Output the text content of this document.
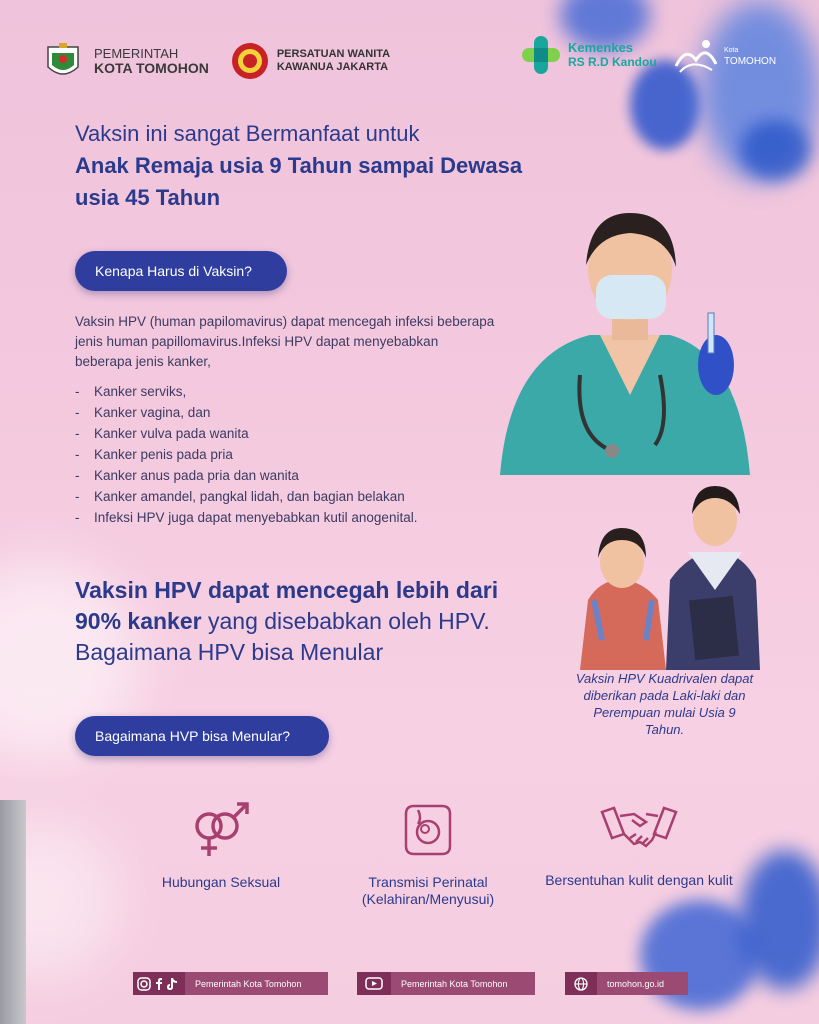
PEMERINTAH
KOTA TOMOHON
PERSATUAN WANITA
KAWANUA JAKARTA
Kemenkes
RS R.D Kandou
Kota
TOMOHON
Vaksin ini sangat Bermanfaat untuk
Anak Remaja usia 9 Tahun sampai Dewasa
usia 45 Tahun
Kenapa Harus di Vaksin?
Vaksin HPV (human papilomavirus) dapat mencegah infeksi beberapa jenis human papillomavirus.Infeksi HPV dapat menyebabkan beberapa jenis kanker,
- Kanker serviks,
- Kanker vagina, dan
- Kanker vulva pada wanita
- Kanker penis pada pria
- Kanker anus pada pria dan wanita
- Kanker amandel, pangkal lidah, dan bagian belakan
- Infeksi HPV juga dapat menyebabkan kutil anogenital.
Vaksin HPV dapat mencegah lebih dari
90% kanker yang disebabkan oleh HPV.
Bagaimana HPV bisa Menular
Vaksin HPV Kuadrivalen dapat diberikan pada Laki-laki dan Perempuan mulai Usia 9 Tahun.
Bagaimana HVP bisa Menular?
Hubungan Seksual	Transmisi Perinatal (Kelahiran/Menyusui)
Bersentuhan kulit dengan kulit
Pemerintah Kota Tomohon	Pemerintah Kota Tomohon	tomohon.go.id
